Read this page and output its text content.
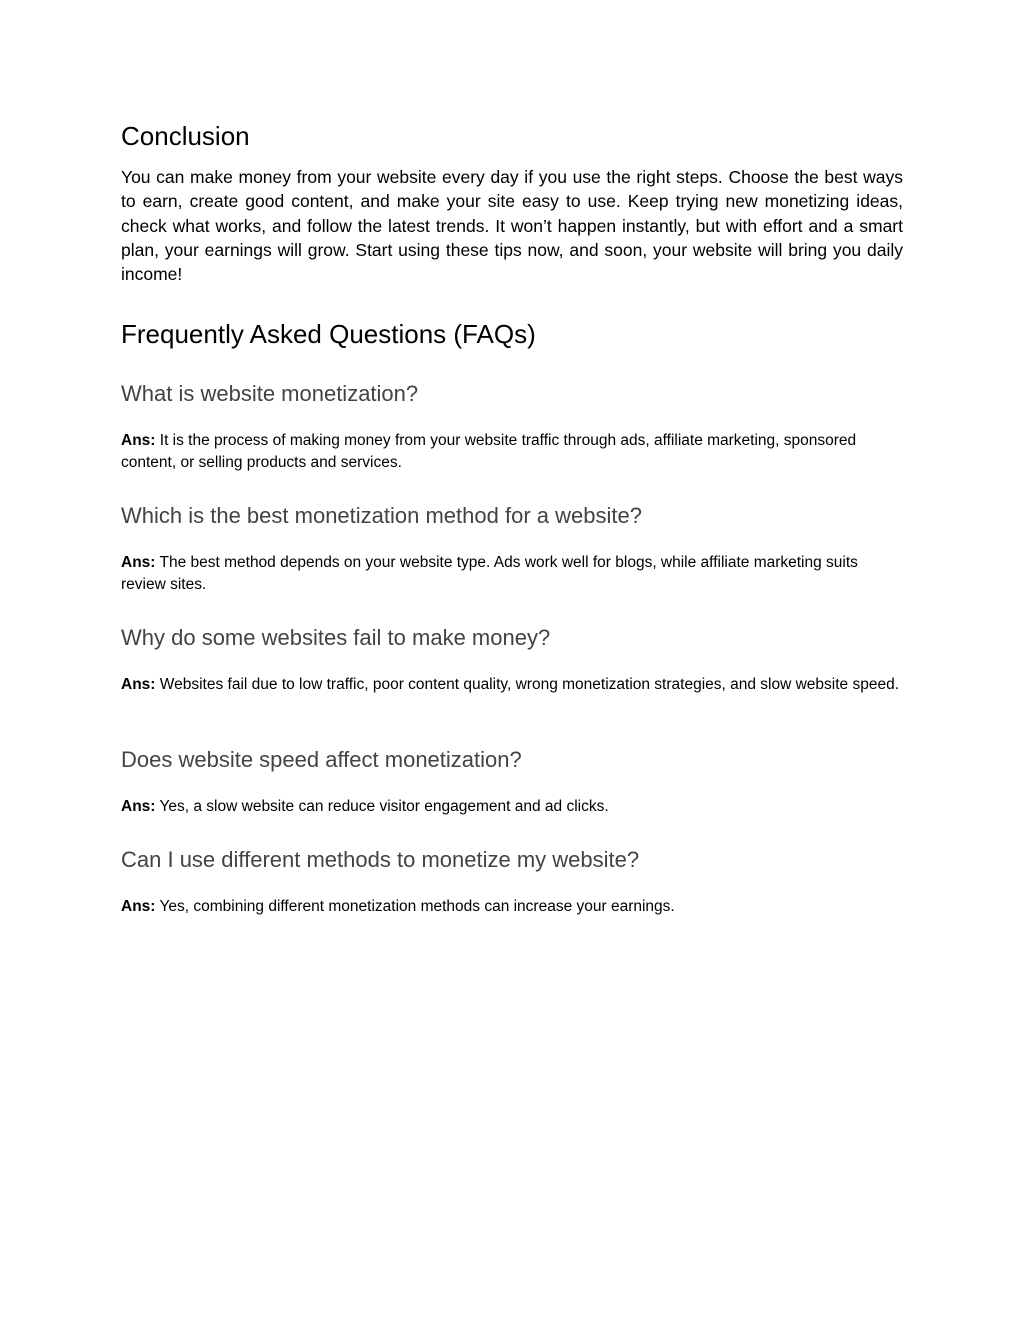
Conclusion

You can make money from your website every day if you use the right steps. Choose the best ways to earn, create good content, and make your site easy to use. Keep trying new monetizing ideas, check what works, and follow the latest trends. It won’t happen instantly, but with effort and a smart plan, your earnings will grow. Start using these tips now, and soon, your website will bring you daily income!

Frequently Asked Questions (FAQs)
What is website monetization?

Ans: It is the process of making money from your website traffic through ads, affiliate marketing, sponsored content, or selling products and services.

Which is the best monetization method for a website?

Ans: The best method depends on your website type. Ads work well for blogs, while affiliate marketing suits review sites.

Why do some websites fail to make money?

Ans: Websites fail due to low traffic, poor content quality, wrong monetization strategies, and slow website speed.

Does website speed affect monetization?

Ans: Yes, a slow website can reduce visitor engagement and ad clicks.

Can I use different methods to monetize my website?

Ans: Yes, combining different monetization methods can increase your earnings.
